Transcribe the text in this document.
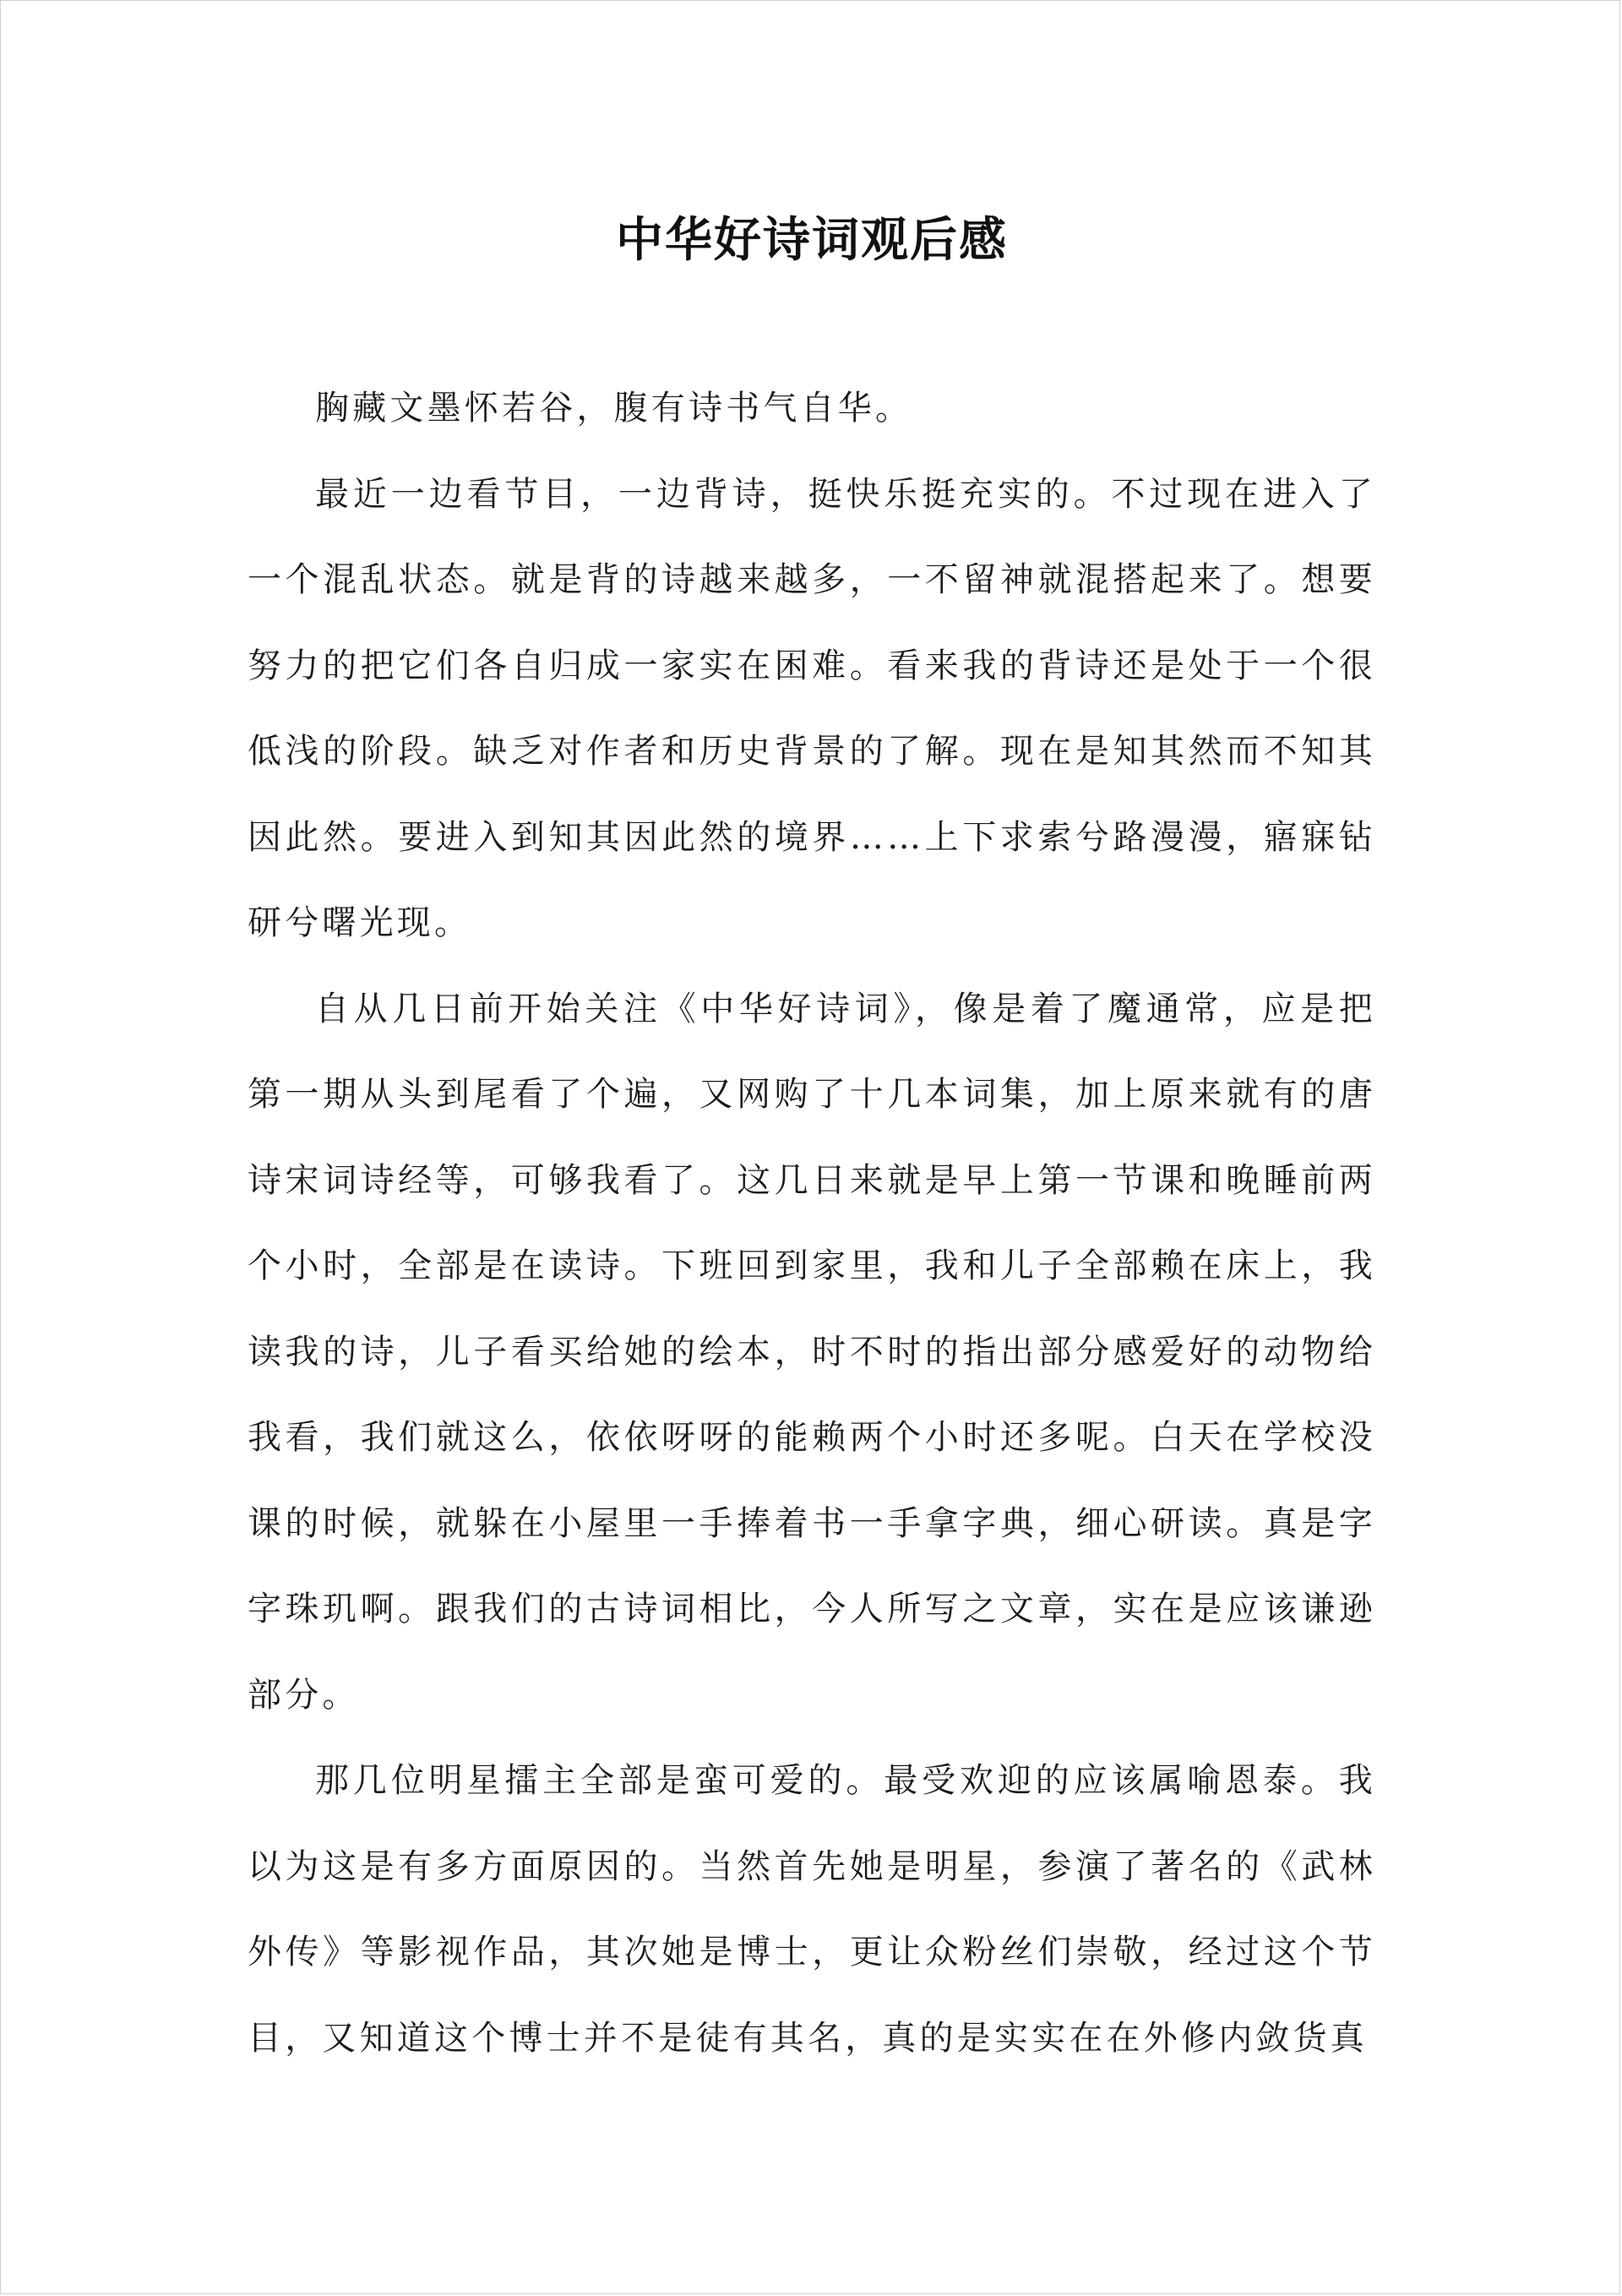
中华好诗词观后感

胸藏文墨怀若谷，腹有诗书气自华。

最近一边看节目，一边背诗，挺快乐挺充实的。不过现在进入了一个混乱状态。就是背的诗越来越多，一不留神就混搭起来了。想要努力的把它们各自归成一家实在困难。看来我的背诗还是处于一个很低浅的阶段。缺乏对作者和历史背景的了解。现在是知其然而不知其因此然。要进入到知其因此然的境界……上下求索兮路漫漫，寤寐钻研兮曙光现。

自从几日前开始关注《中华好诗词》，像是着了魔通常，应是把第一期从头到尾看了个遍，又网购了十几本词集，加上原来就有的唐诗宋词诗经等，可够我看了。这几日来就是早上第一节课和晚睡前两个小时，全部是在读诗。下班回到家里，我和儿子全部赖在床上，我读我的诗，儿子看买给她的绘本，时不时的指出部分感爱好的动物给我看，我们就这么，依依呀呀的能赖两个小时还多呢。白天在学校没课的时候，就躲在小屋里一手捧着书一手拿字典，细心研读。真是字字珠玑啊。跟我们的古诗词相比，今人所写之文章，实在是应该谦逊部分。

那几位明星擂主全部是蛮可爱的。最受欢迎的应该属喻恩泰。我以为这是有多方面原因的。当然首先她是明星，参演了著名的《武林外传》等影视作品，其次她是博士，更让众粉丝们崇敬，经过这个节目，又知道这个博士并不是徒有其名，真的是实实在在外修内敛货真
